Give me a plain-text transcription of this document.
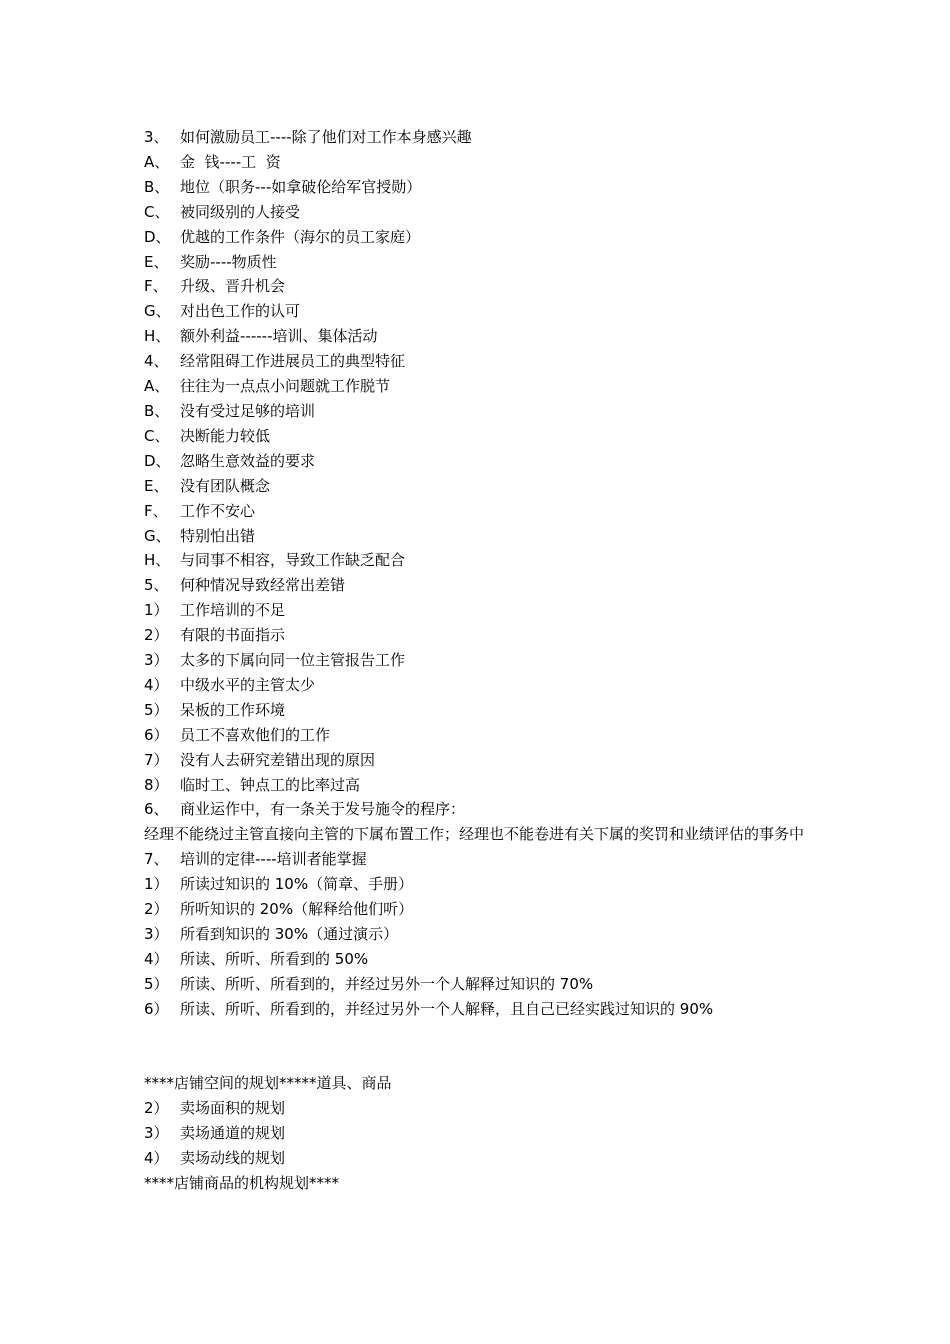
3、 如何激励员工----除了他们对工作本身感兴趣

A、 金  钱----工  资

B、 地位（职务---如拿破伦给军官授勋）

C、 被同级别的人接受

D、 优越的工作条件（海尔的员工家庭）

E、 奖励----物质性

F、 升级、晋升机会

G、 对出色工作的认可

H、 额外利益------培训、集体活动

4、 经常阻碍工作进展员工的典型特征

A、 往往为一点点小问题就工作脱节

B、 没有受过足够的培训

C、 决断能力较低

D、 忽略生意效益的要求

E、 没有团队概念

F、 工作不安心

G、 特别怕出错

H、 与同事不相容，导致工作缺乏配合

5、 何种情况导致经常出差错

1） 工作培训的不足

2） 有限的书面指示

3） 太多的下属向同一位主管报告工作

4） 中级水平的主管太少

5） 呆板的工作环境

6） 员工不喜欢他们的工作

7） 没有人去研究差错出现的原因

8） 临时工、钟点工的比率过高

6、 商业运作中，有一条关于发号施令的程序：

经理不能绕过主管直接向主管的下属布置工作；经理也不能卷进有关下属的奖罚和业绩评估的事务中

7、 培训的定律----培训者能掌握

1） 所读过知识的 10%（简章、手册）

2） 所听知识的 20%（解释给他们听）

3） 所看到知识的 30%（通过演示）

4） 所读、所听、所看到的 50%

5） 所读、所听、所看到的，并经过另外一个人解释过知识的 70%

6） 所读、所听、所看到的，并经过另外一个人解释，且自己已经实践过知识的 90%

****店铺空间的规划*****道具、商品

2） 卖场面积的规划

3） 卖场通道的规划

4） 卖场动线的规划

****店铺商品的机构规划****
